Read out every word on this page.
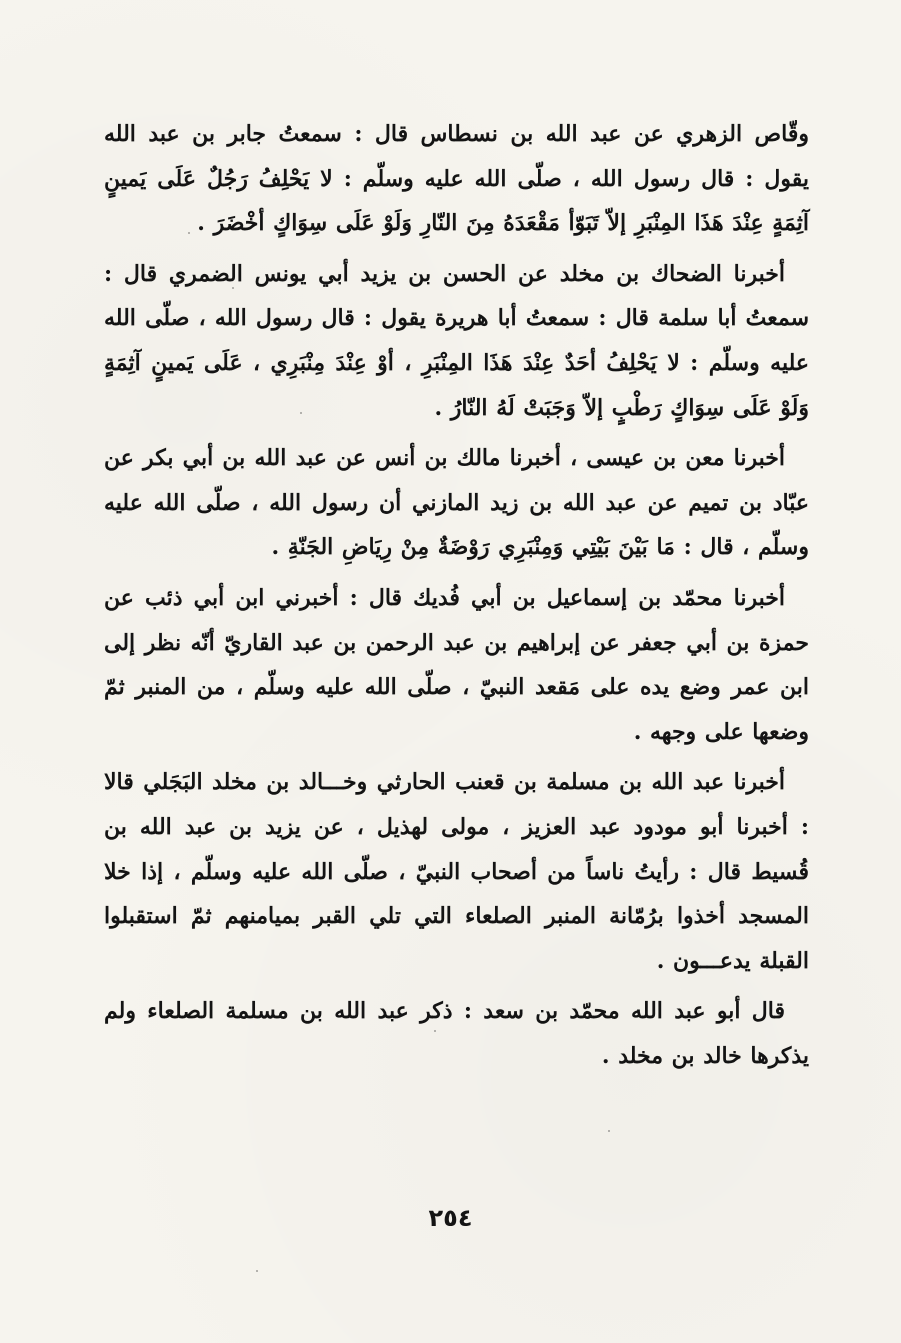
وقّاص الزهري عن عبد الله بن نسطاس قال : سمعتُ جابر بن عبد الله يقول : قال رسول الله ، صلّى الله عليه وسلّم : لا يَحْلِفُ رَجُلٌ عَلَى يَمينٍ آثِمَةٍ عِنْدَ هَذَا المِنْبَرِ إلاّ تَبَوّأ مَقْعَدَهُ مِنَ النّارِ وَلَوْ عَلَى سِوَاكٍ أخْضَرَ .

أخبرنا الضحاك بن مخلد عن الحسن بن يزيد أبي يونس الضمري قال : سمعتُ أبا سلمة قال : سمعتُ أبا هريرة يقول : قال رسول الله ، صلّى الله عليه وسلّم : لا يَحْلِفُ أحَدٌ عِنْدَ هَذَا المِنْبَرِ ، أوْ عِنْدَ مِنْبَرِي ، عَلَى يَمينٍ آثِمَةٍ وَلَوْ عَلَى سِوَاكٍ رَطْبٍ إلاّ وَجَبَتْ لَهُ النّارُ .

أخبرنا معن بن عيسى ، أخبرنا مالك بن أنس عن عبد الله بن أبي بكر عن عبّاد بن تميم عن عبد الله بن زيد المازني أن رسول الله ، صلّى الله عليه وسلّم ، قال : مَا بَيْنَ بَيْتِي وَمِنْبَرِي رَوْضَةٌ مِنْ رِيَاضِ الجَنّةِ .

أخبرنا محمّد بن إسماعيل بن أبي فُديك قال : أخبرني ابن أبي ذئب عن حمزة بن أبي جعفر عن إبراهيم بن عبد الرحمن بن عبد القاريّ أنّه نظر إلى ابن عمر وضع يده على مَقعد النبيّ ، صلّى الله عليه وسلّم ، من المنبر ثمّ وضعها على وجهه .

أخبرنا عبد الله بن مسلمة بن قعنب الحارثي وخـــالد بن مخلد البَجَلي قالا : أخبرنا أبو مودود عبد العزيز ، مولى لهذيل ، عن يزيد بن عبد الله بن قُسيط قال : رأيتُ ناساً من أصحاب النبيّ ، صلّى الله عليه وسلّم ، إذا خلا المسجد أخذوا برُمّانة المنبر الصلعاء التي تلي القبر بميامنهم ثمّ استقبلوا القبلة يدعـــون .

قال أبو عبد الله محمّد بن سعد : ذكر عبد الله بن مسلمة الصلعاء ولم يذكرها خالد بن مخلد .

٢٥٤
